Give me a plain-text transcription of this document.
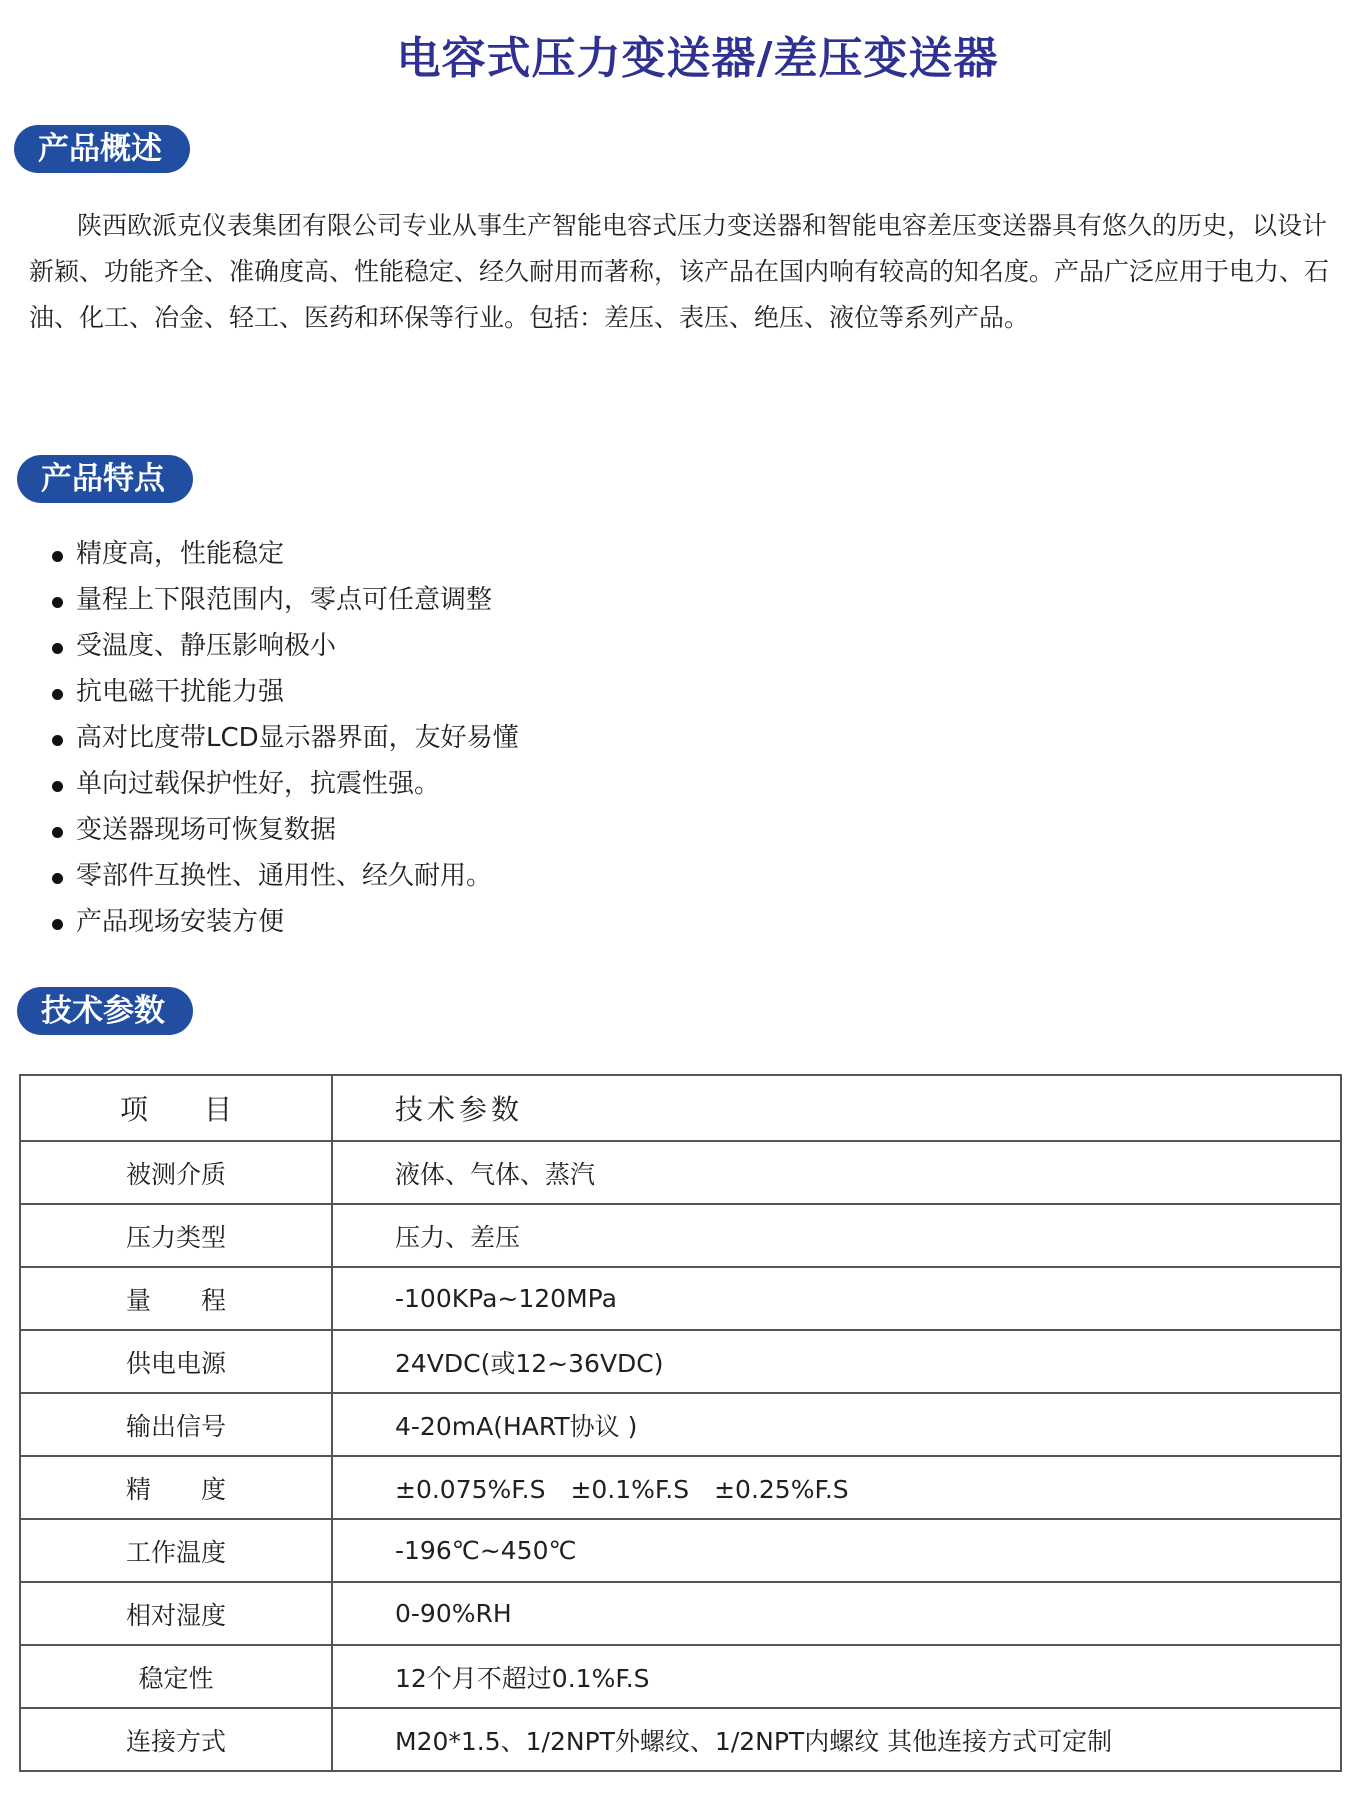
电容式压力变送器/差压变送器
产品概述

陕西欧派克仪表集团有限公司专业从事生产智能电容式压力变送器和智能电容差压变送器具有悠久的历史，以设计新颖、功能齐全、准确度高、性能稳定、经久耐用而著称，该产品在国内响有较高的知名度。产品广泛应用于电力、石油、化工、冶金、轻工、医药和环保等行业。包括：差压、表压、绝压、液位等系列产品。

产品特点
精度高，性能稳定
量程上下限范围内，零点可任意调整
受温度、静压影响极小
抗电磁干扰能力强
高对比度带LCD显示器界面，友好易懂
单向过载保护性好，抗震性强。
变送器现场可恢复数据
零部件互换性、通用性、经久耐用。
产品现场安装方便
技术参数
项　　目	技术参数
被测介质	液体、气体、蒸汽
压力类型	压力、差压
量　　程	-100KPa~120MPa
供电电源	24VDC(或12~36VDC)
输出信号	4-20mA(HART协议 )
精　　度	±0.075%F.S　±0.1%F.S　±0.25%F.S
工作温度	-196℃~450℃
相对湿度	0-90%RH
稳定性	12个月不超过0.1%F.S
连接方式	M20*1.5、1/2NPT外螺纹、1/2NPT内螺纹 其他连接方式可定制
